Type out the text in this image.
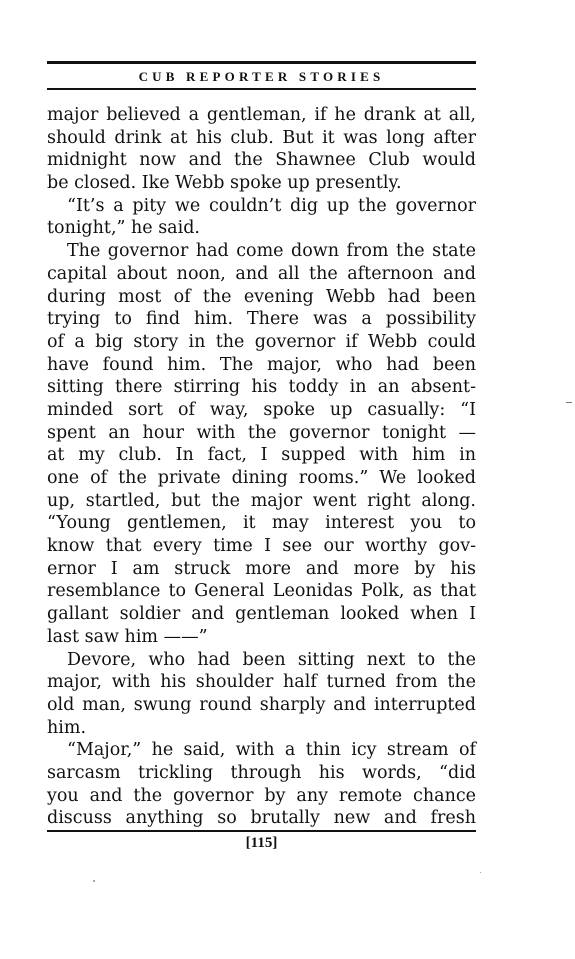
CUB REPORTER STORIES
major believed a gentleman, if he drank at all,
should drink at his club. But it was long after
midnight now and the Shawnee Club would
be closed. Ike Webb spoke up presently.
“It’s a pity we couldn’t dig up the governor
tonight,” he said.
The governor had come down from the state
capital about noon, and all the afternoon and
during most of the evening Webb had been
trying to find him. There was a possibility
of a big story in the governor if Webb could
have found him. The major, who had been
sitting there stirring his toddy in an absent-
minded sort of way, spoke up casually: “I
spent an hour with the governor tonight —
at my club. In fact, I supped with him in
one of the private dining rooms.” We looked
up, startled, but the major went right along.
“Young gentlemen, it may interest you to
know that every time I see our worthy gov-
ernor I am struck more and more by his
resemblance to General Leonidas Polk, as that
gallant soldier and gentleman looked when I
last saw him ——”
Devore, who had been sitting next to the
major, with his shoulder half turned from the
old man, swung round sharply and interrupted
him.
“Major,” he said, with a thin icy stream of
sarcasm trickling through his words, “did
you and the governor by any remote chance
discuss anything so brutally new and fresh
[115]
